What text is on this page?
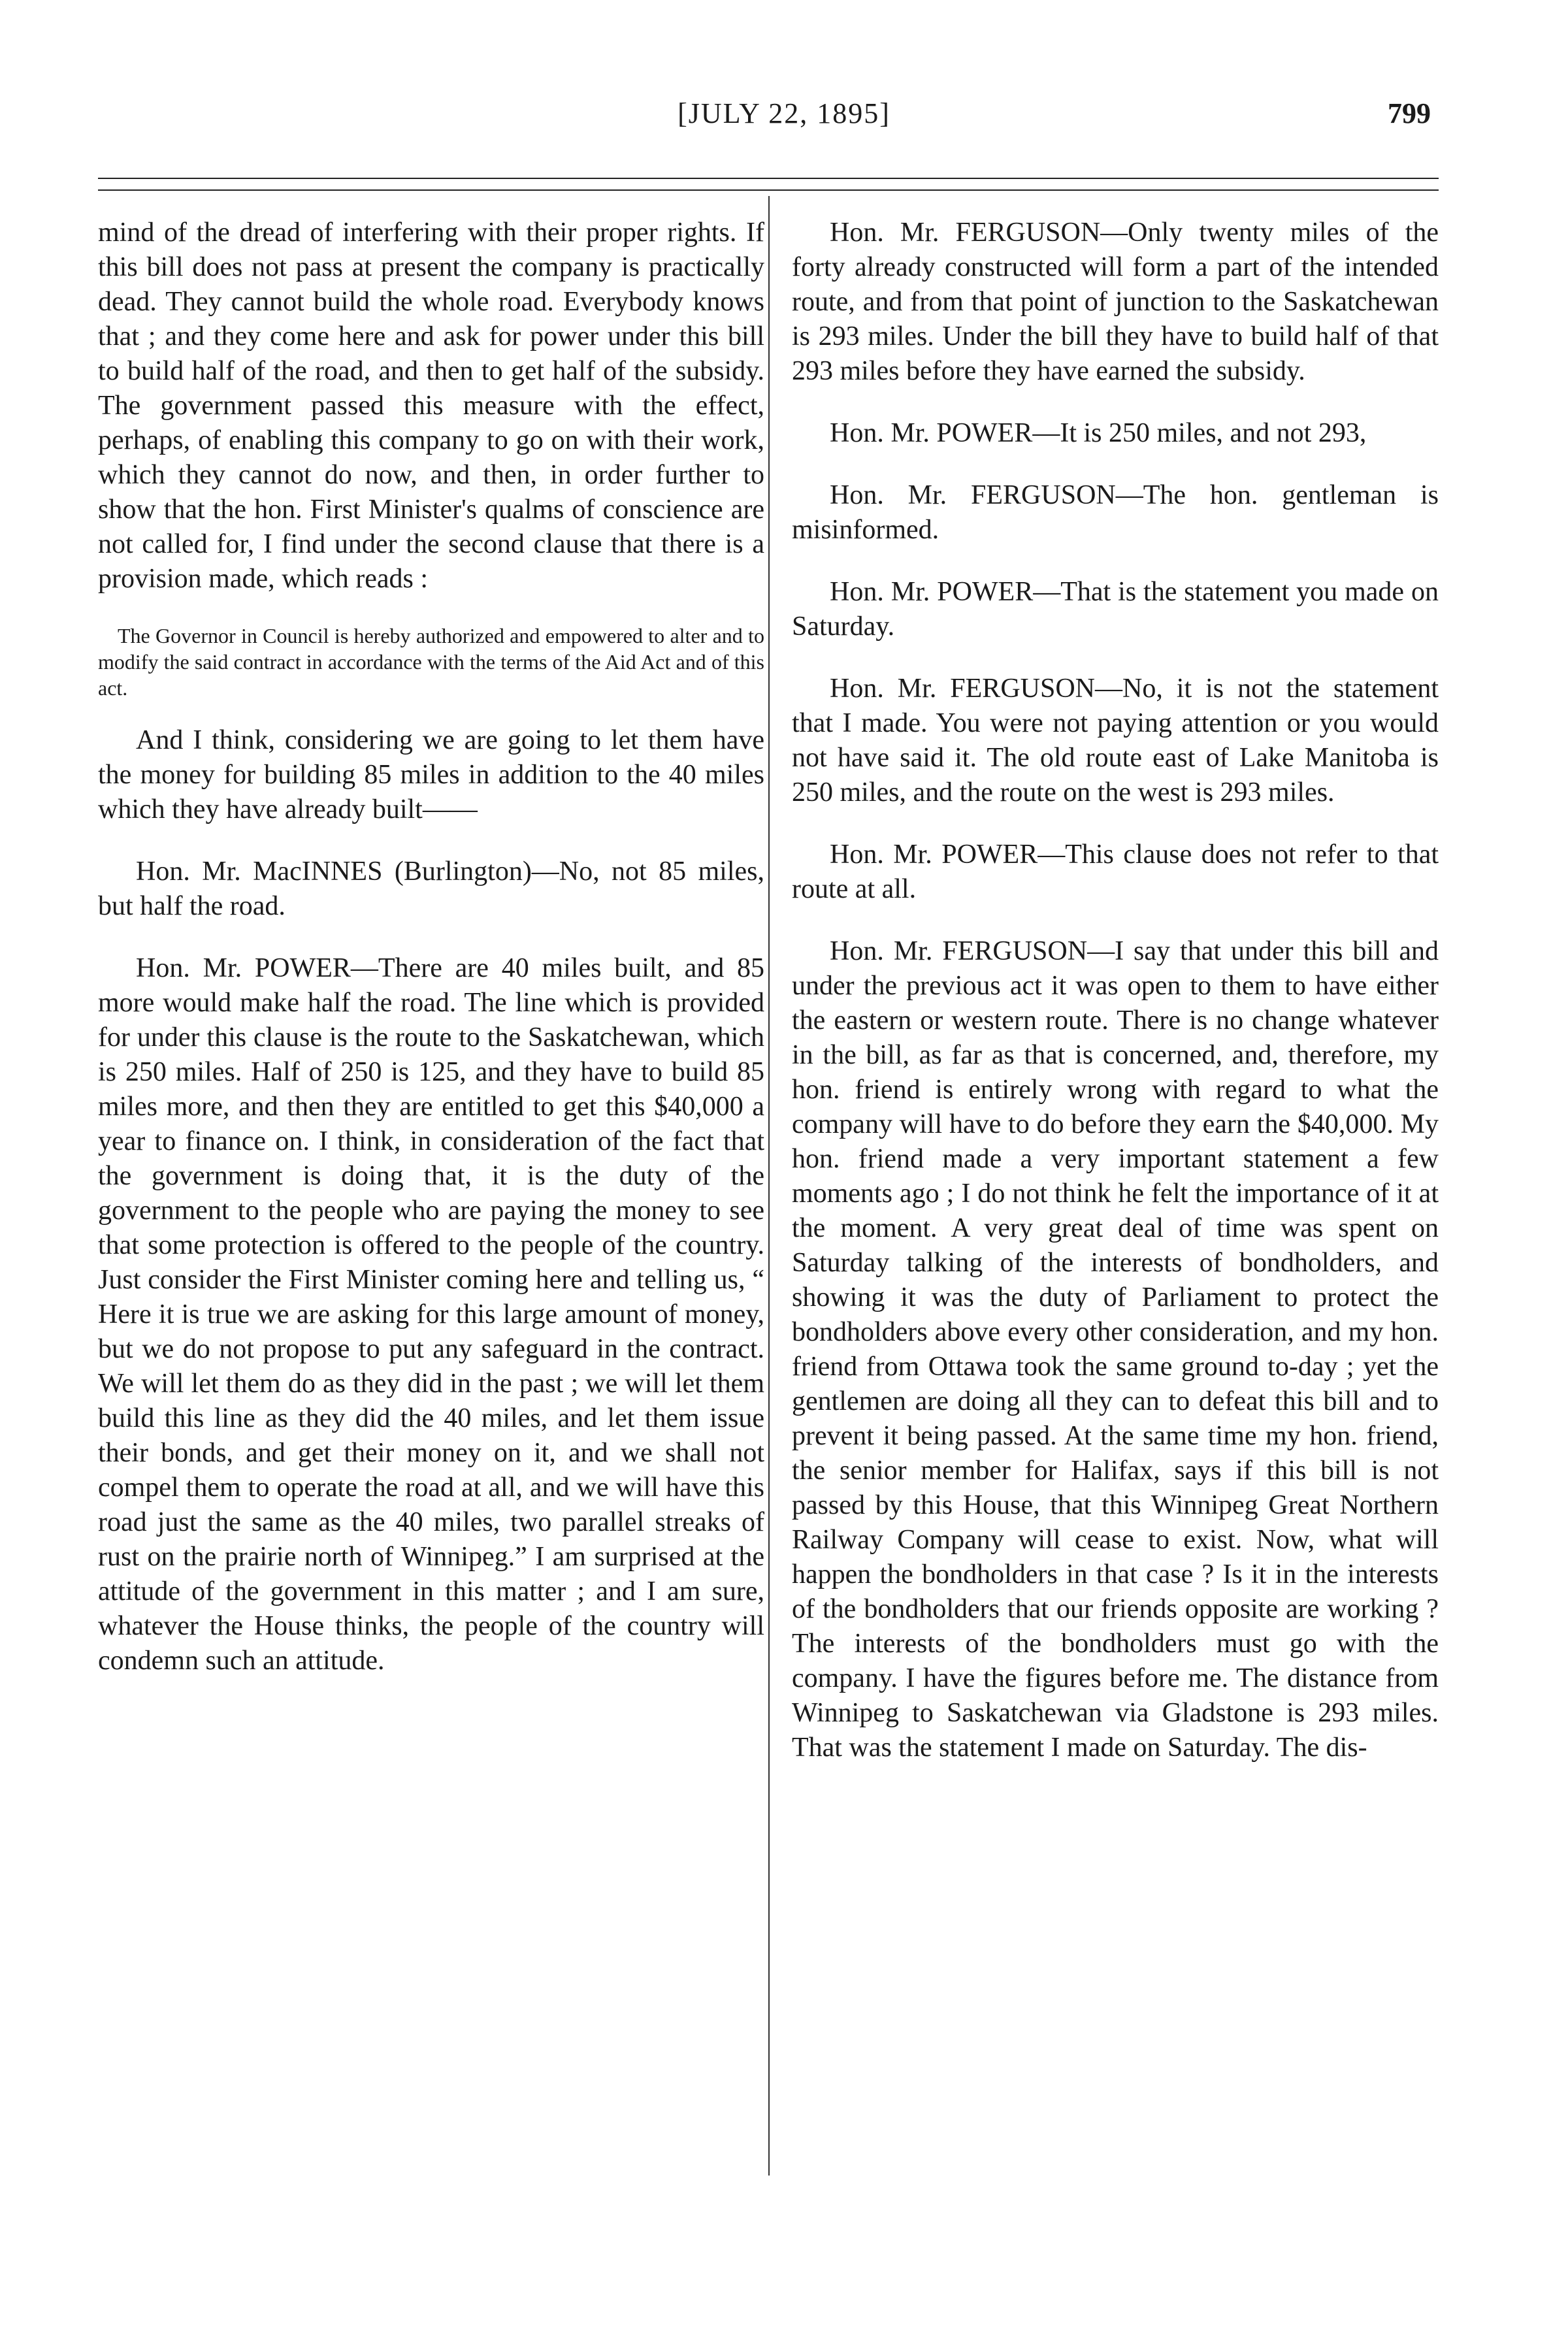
[JULY 22, 1895]	799

mind of the dread of interfering with their proper rights. If this bill does not pass at present the company is practically dead. They cannot build the whole road. Everybody knows that ; and they come here and ask for power under this bill to build half of the road, and then to get half of the subsidy. The government passed this measure with the effect, perhaps, of enabling this company to go on with their work, which they cannot do now, and then, in order further to show that the hon. First Minister's qualms of conscience are not called for, I find under the second clause that there is a provision made, which reads :

The Governor in Council is hereby authorized and empowered to alter and to modify the said contract in accordance with the terms of the Aid Act and of this act.

And I think, considering we are going to let them have the money for building 85 miles in addition to the 40 miles which they have already built——

Hon. Mr. MacINNES (Burlington)—No, not 85 miles, but half the road.

Hon. Mr. POWER—There are 40 miles built, and 85 more would make half the road. The line which is provided for under this clause is the route to the Saskatchewan, which is 250 miles. Half of 250 is 125, and they have to build 85 miles more, and then they are entitled to get this $40,000 a year to finance on. I think, in consideration of the fact that the government is doing that, it is the duty of the government to the people who are paying the money to see that some protection is offered to the people of the country. Just consider the First Minister coming here and telling us, “ Here it is true we are asking for this large amount of money, but we do not propose to put any safeguard in the contract. We will let them do as they did in the past ; we will let them build this line as they did the 40 miles, and let them issue their bonds, and get their money on it, and we shall not compel them to operate the road at all, and we will have this road just the same as the 40 miles, two parallel streaks of rust on the prairie north of Winnipeg.” I am surprised at the attitude of the government in this matter ; and I am sure, whatever the House thinks, the people of the country will condemn such an attitude.

Hon. Mr. FERGUSON—Only twenty miles of the forty already constructed will form a part of the intended route, and from that point of junction to the Saskatchewan is 293 miles. Under the bill they have to build half of that 293 miles before they have earned the subsidy.

Hon. Mr. POWER—It is 250 miles, and not 293,

Hon. Mr. FERGUSON—The hon. gentleman is misinformed.

Hon. Mr. POWER—That is the statement you made on Saturday.

Hon. Mr. FERGUSON—No, it is not the statement that I made. You were not paying attention or you would not have said it. The old route east of Lake Manitoba is 250 miles, and the route on the west is 293 miles.

Hon. Mr. POWER—This clause does not refer to that route at all.

Hon. Mr. FERGUSON—I say that under this bill and under the previous act it was open to them to have either the eastern or western route. There is no change whatever in the bill, as far as that is concerned, and, therefore, my hon. friend is entirely wrong with regard to what the company will have to do before they earn the $40,000. My hon. friend made a very important statement a few moments ago ; I do not think he felt the importance of it at the moment. A very great deal of time was spent on Saturday talking of the interests of bondholders, and showing it was the duty of Parliament to protect the bondholders above every other consideration, and my hon. friend from Ottawa took the same ground to-day ; yet the gentlemen are doing all they can to defeat this bill and to prevent it being passed. At the same time my hon. friend, the senior member for Halifax, says if this bill is not passed by this House, that this Winnipeg Great Northern Railway Company will cease to exist. Now, what will happen the bondholders in that case ? Is it in the interests of the bondholders that our friends opposite are working ? The interests of the bondholders must go with the company. I have the figures before me. The distance from Winnipeg to Saskatchewan via Gladstone is 293 miles. That was the statement I made on Saturday. The dis-
